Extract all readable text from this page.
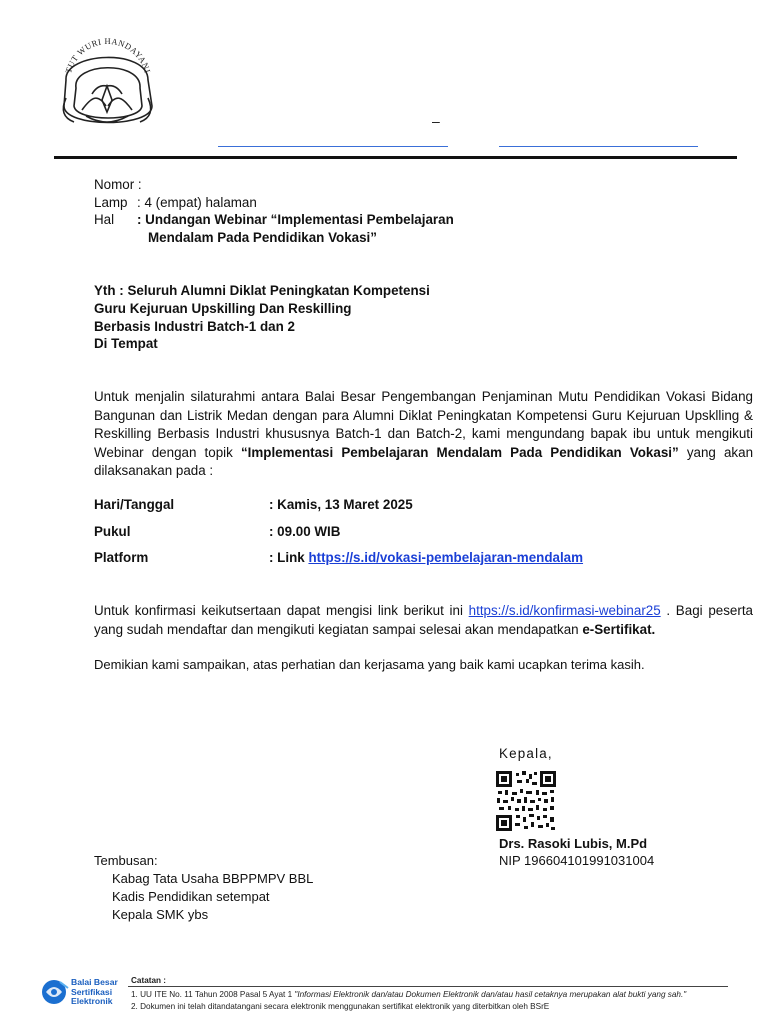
TUT WURI HANDAYANI
–
Nomor :
Lamp : 4 (empat) halaman
Hal : Undangan Webinar “Implementasi Pembelajaran
Mendalam Pada Pendidikan Vokasi”
Yth : Seluruh Alumni Diklat Peningkatan Kompetensi
Guru Kejuruan Upskilling Dan Reskilling
Berbasis Industri Batch-1 dan 2
Di Tempat
Untuk menjalin silaturahmi antara Balai Besar Pengembangan Penjaminan Mutu Pendidikan Vokasi Bidang Bangunan dan Listrik Medan dengan para Alumni Diklat Peningkatan Kompetensi Guru Kejuruan Upsklling & Reskilling Berbasis Industri khususnya Batch-1 dan Batch-2, kami mengundang bapak ibu untuk mengikuti Webinar dengan topik “Implementasi Pembelajaran Mendalam Pada Pendidikan Vokasi” yang akan dilaksanakan pada :
Hari/Tanggal	: Kamis, 13 Maret 2025
Pukul	: 09.00 WIB
Platform	: Link https://s.id/vokasi-pembelajaran-mendalam
Untuk konfirmasi keikutsertaan dapat mengisi link berikut ini https://s.id/konfirmasi-webinar25 . Bagi peserta yang sudah mendaftar dan mengikuti kegiatan sampai selesai akan mendapatkan e-Sertifikat.
Demikian kami sampaikan, atas perhatian dan kerjasama yang baik kami ucapkan terima kasih.
Kepala,
Drs. Rasoki Lubis, M.Pd
NIP 196604101991031004
Tembusan:
Kabag Tata Usaha BBPPMPV BBL
Kadis Pendidikan setempat
Kepala SMK ybs
Balai Besar
Sertifikasi
Elektronik
Catatan :
1. UU ITE No. 11 Tahun 2008 Pasal 5 Ayat 1 "Informasi Elektronik dan/atau Dokumen Elektronik dan/atau hasil cetaknya merupakan alat bukti yang sah."
2. Dokumen ini telah ditandatangani secara elektronik menggunakan sertifikat elektronik yang diterbitkan oleh BSrE
